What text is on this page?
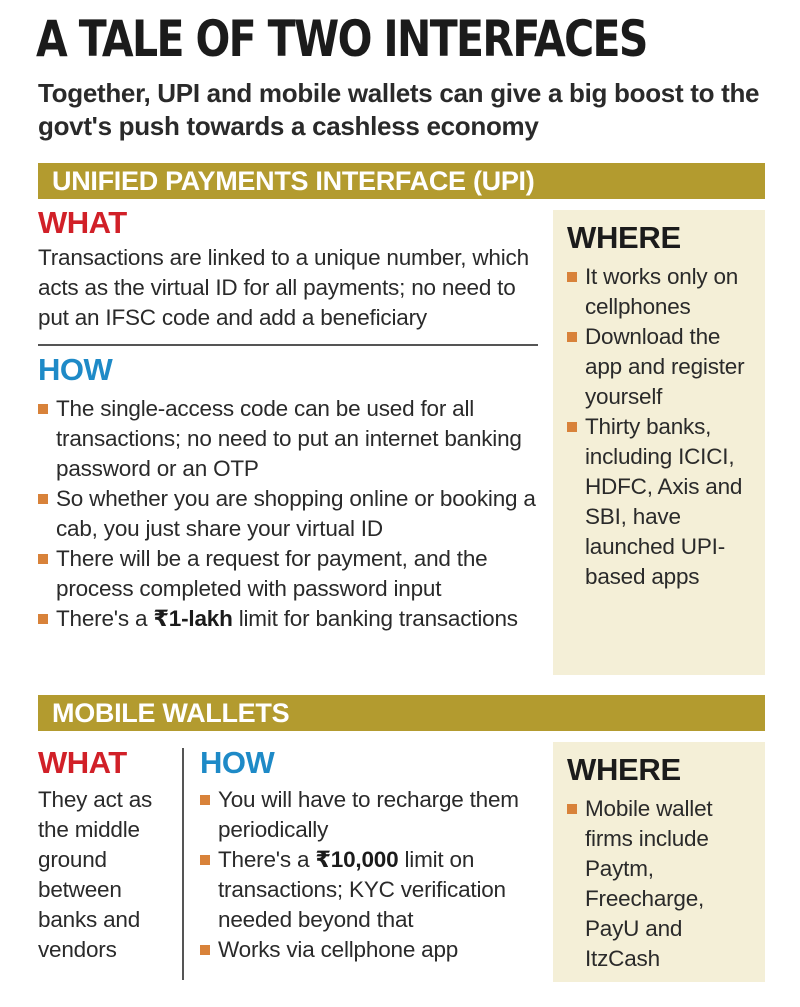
A TALE OF TWO INTERFACES
Together, UPI and mobile wallets can give a big boost to the govt's push towards a cashless economy
UNIFIED PAYMENTS INTERFACE (UPI)
WHAT
Transactions are linked to a unique number, which acts as the virtual ID for all payments; no need to put an IFSC code and add a beneficiary
HOW
The single-access code can be used for all transactions; no need to put an internet banking password or an OTP
So whether you are shopping online or booking a cab, you just share your virtual ID
There will be a request for payment, and the process completed with password input
There's a ₹1-lakh limit for banking transactions
WHERE
It works only on cellphones
Download the app and register yourself
Thirty banks, including ICICI, HDFC, Axis and SBI, have launched UPI-based apps
MOBILE WALLETS
WHAT
They act as the middle ground between banks and vendors
HOW
You will have to recharge them periodically
There's a ₹10,000 limit on transactions; KYC verification needed beyond that
Works via cellphone app
WHERE
Mobile wallet firms include Paytm, Freecharge, PayU and ItzCash
